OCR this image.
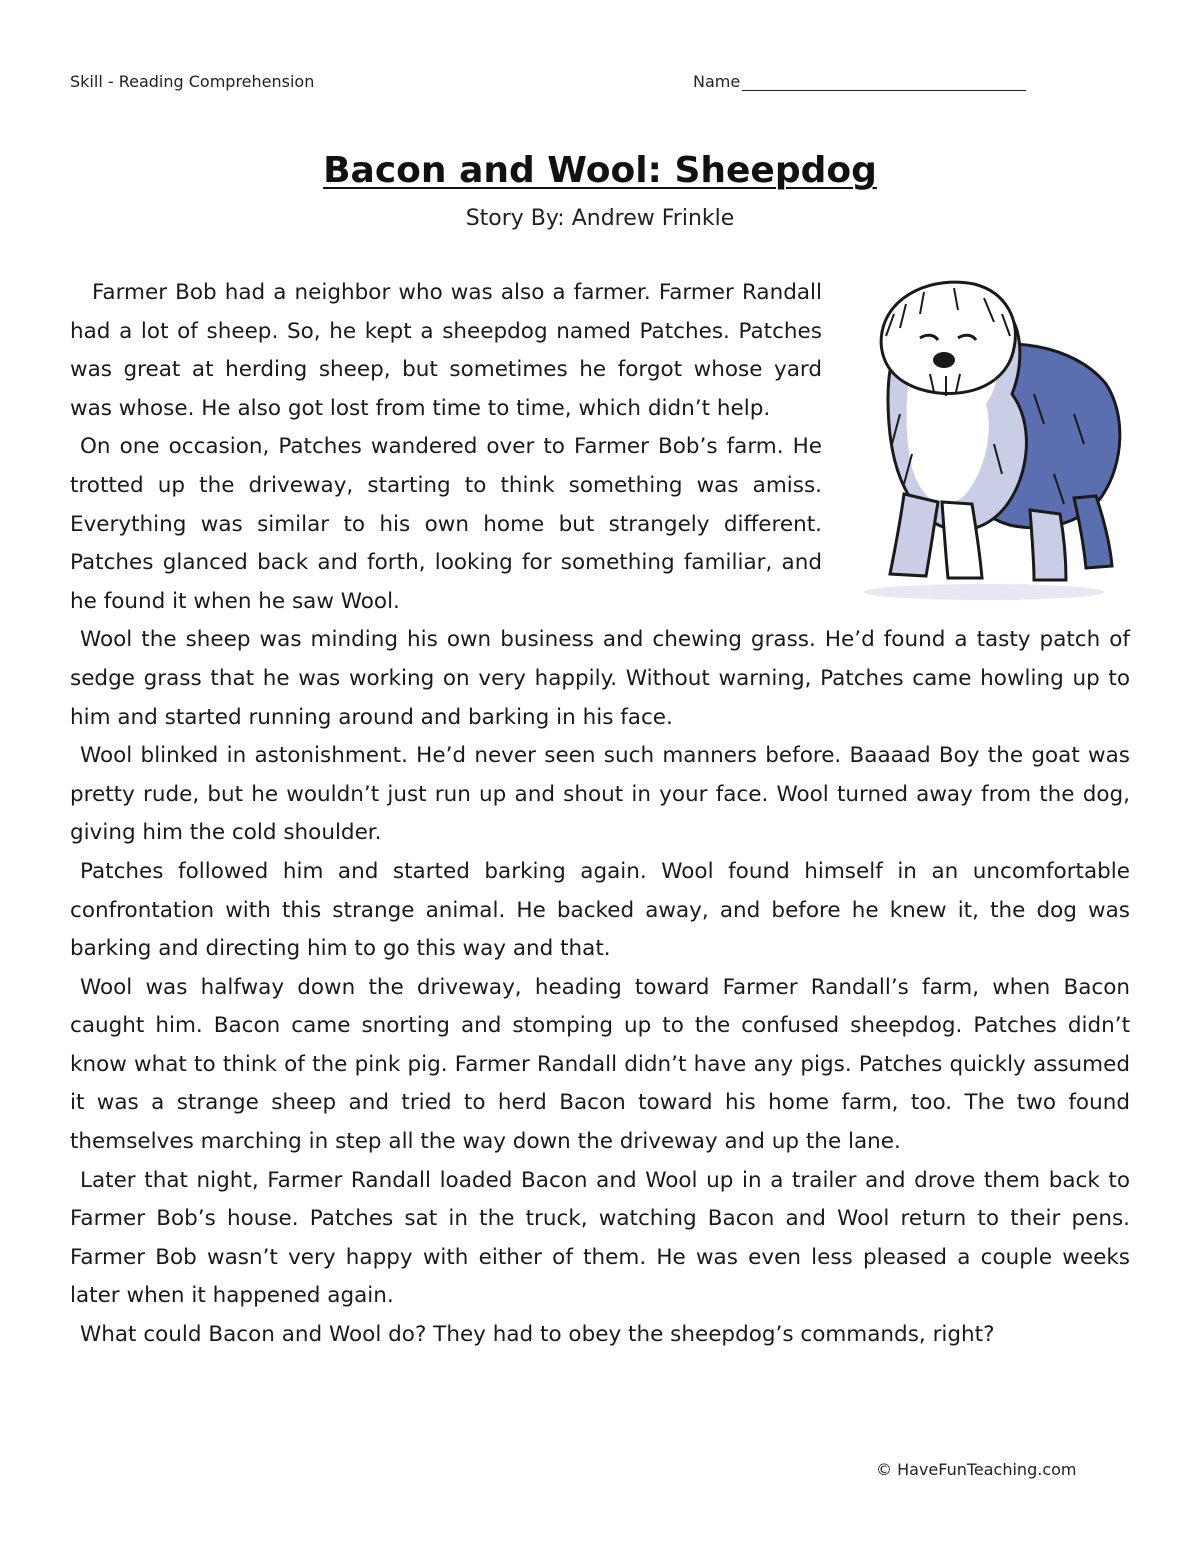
Skill - Reading Comprehension	Name
Bacon and Wool: Sheepdog
Story By: Andrew Frinkle

Farmer Bob had a neighbor who was also a farmer. Farmer Randall had a lot of sheep. So, he kept a sheepdog named Patches. Patches was great at herding sheep, but sometimes he forgot whose yard was whose. He also got lost from time to time, which didn’t help.

On one occasion, Patches wandered over to Farmer Bob’s farm. He trotted up the driveway, starting to think something was amiss. Everything was similar to his own home but strangely different. Patches glanced back and forth, looking for something familiar, and he found it when he saw Wool.

Wool the sheep was minding his own business and chewing grass. He’d found a tasty patch of sedge grass that he was working on very happily. Without warning, Patches came howling up to him and started running around and barking in his face.

Wool blinked in astonishment. He’d never seen such manners before. Baaaad Boy the goat was pretty rude, but he wouldn’t just run up and shout in your face. Wool turned away from the dog, giving him the cold shoulder.

Patches followed him and started barking again. Wool found himself in an uncomfortable confrontation with this strange animal. He backed away, and before he knew it, the dog was barking and directing him to go this way and that.

Wool was halfway down the driveway, heading toward Farmer Randall’s farm, when Bacon caught him. Bacon came snorting and stomping up to the confused sheepdog. Patches didn’t know what to think of the pink pig. Farmer Randall didn’t have any pigs. Patches quickly assumed it was a strange sheep and tried to herd Bacon toward his home farm, too. The two found themselves marching in step all the way down the driveway and up the lane.

Later that night, Farmer Randall loaded Bacon and Wool up in a trailer and drove them back to Farmer Bob’s house. Patches sat in the truck, watching Bacon and Wool return to their pens. Farmer Bob wasn’t very happy with either of them. He was even less pleased a couple weeks later when it happened again.

What could Bacon and Wool do? They had to obey the sheepdog’s commands, right?

© HaveFunTeaching.com
